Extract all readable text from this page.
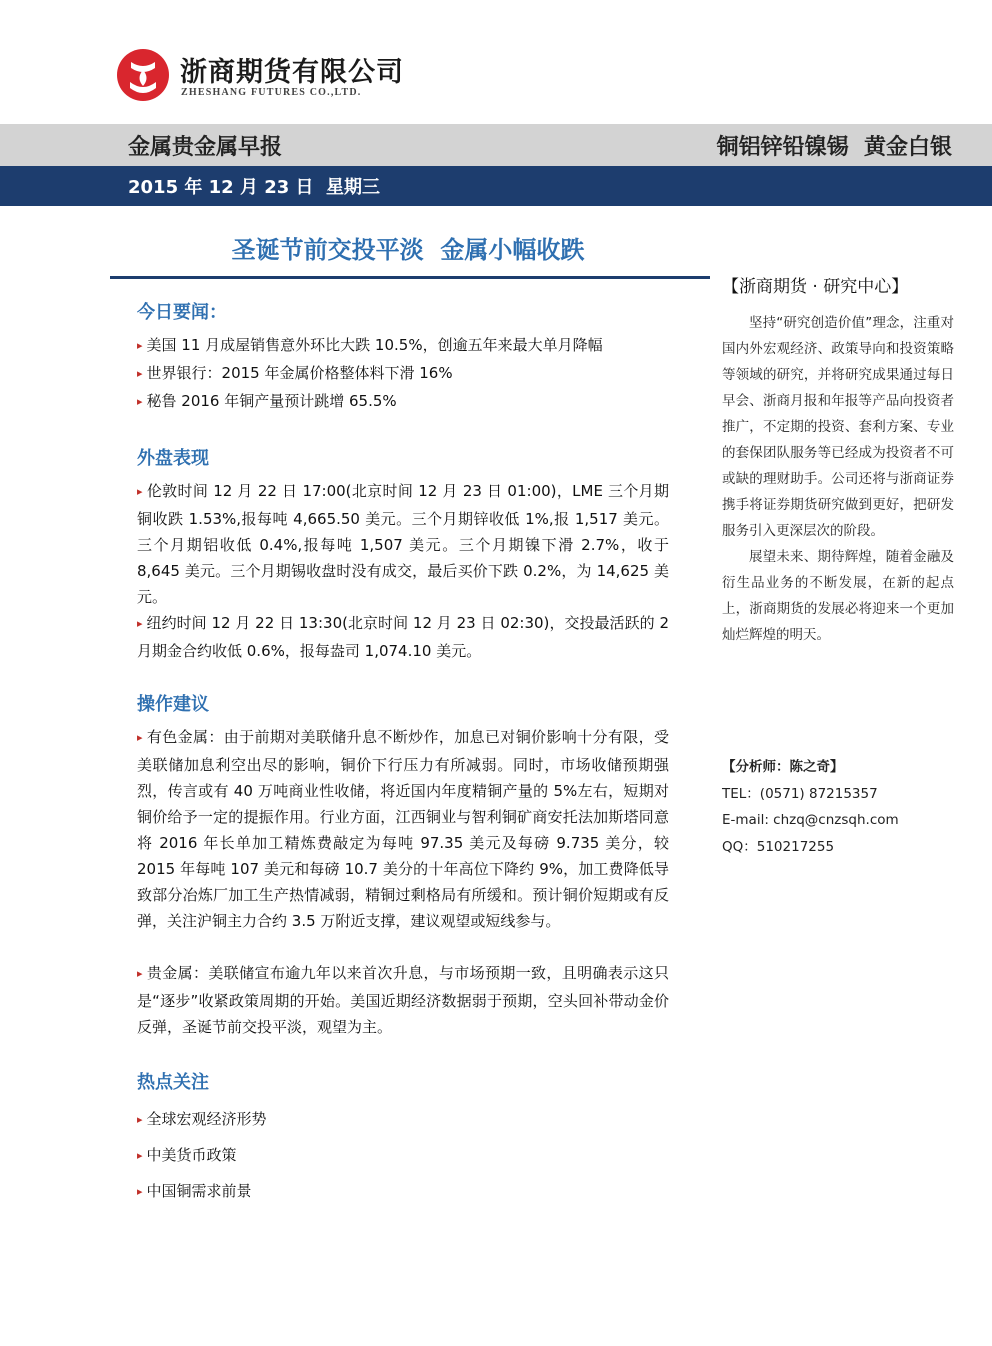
浙商期货有限公司
ZHESHANG FUTURES CO.,LTD.
金属贵金属早报	铜铝锌铅镍锡  黄金白银
2015 年 12 月 23 日  星期三
圣诞节前交投平淡  金属小幅收跌
今日要闻：
▸ 美国 11 月成屋销售意外环比大跌 10.5%，创逾五年来最大单月降幅
▸ 世界银行：2015 年金属价格整体料下滑 16%
▸ 秘鲁 2016 年铜产量预计跳增 65.5%
外盘表现

▸ 伦敦时间 12 月 22 日 17:00(北京时间 12 月 23 日 01:00)，LME 三个月期铜收跌 1.53%,报每吨 4,665.50 美元。三个月期锌收低 1%,报 1,517 美元。三个月期铝收低 0.4%,报每吨 1,507 美元。三个月期镍下滑 2.7%，收于 8,645 美元。三个月期锡收盘时没有成交，最后买价下跌 0.2%，为 14,625 美元。

▸ 纽约时间 12 月 22 日 13:30(北京时间 12 月 23 日 02:30)，交投最活跃的 2 月期金合约收低 0.6%，报每盎司 1,074.10 美元。

操作建议

▸ 有色金属：由于前期对美联储升息不断炒作，加息已对铜价影响十分有限，受美联储加息利空出尽的影响，铜价下行压力有所减弱。同时，市场收储预期强烈，传言或有 40 万吨商业性收储，将近国内年度精铜产量的 5%左右，短期对铜价给予一定的提振作用。行业方面，江西铜业与智利铜矿商安托法加斯塔同意将 2016 年长单加工精炼费敲定为每吨 97.35 美元及每磅 9.735 美分，较 2015 年每吨 107 美元和每磅 10.7 美分的十年高位下降约 9%，加工费降低导致部分冶炼厂加工生产热情减弱，精铜过剩格局有所缓和。预计铜价短期或有反弹，关注沪铜主力合约 3.5 万附近支撑，建议观望或短线参与。

▸ 贵金属：美联储宣布逾九年以来首次升息，与市场预期一致，且明确表示这只是“逐步”收紧政策周期的开始。美国近期经济数据弱于预期，空头回补带动金价反弹，圣诞节前交投平淡，观望为主。

热点关注
▸ 全球宏观经济形势
▸ 中美货币政策
▸ 中国铜需求前景
【浙商期货 · 研究中心】

坚持“研究创造价值”理念，注重对国内外宏观经济、政策导向和投资策略等领域的研究，并将研究成果通过每日早会、浙商月报和年报等产品向投资者推广，不定期的投资、套利方案、专业的套保团队服务等已经成为投资者不可或缺的理财助手。公司还将与浙商证券携手将证券期货研究做到更好，把研发服务引入更深层次的阶段。

展望未来、期待辉煌，随着金融及衍生品业务的不断发展，在新的起点上，浙商期货的发展必将迎来一个更加灿烂辉煌的明天。

【分析师：陈之奇】
TEL：(0571) 87215357
E-mail: chzq@cnzsqh.com
QQ：510217255
